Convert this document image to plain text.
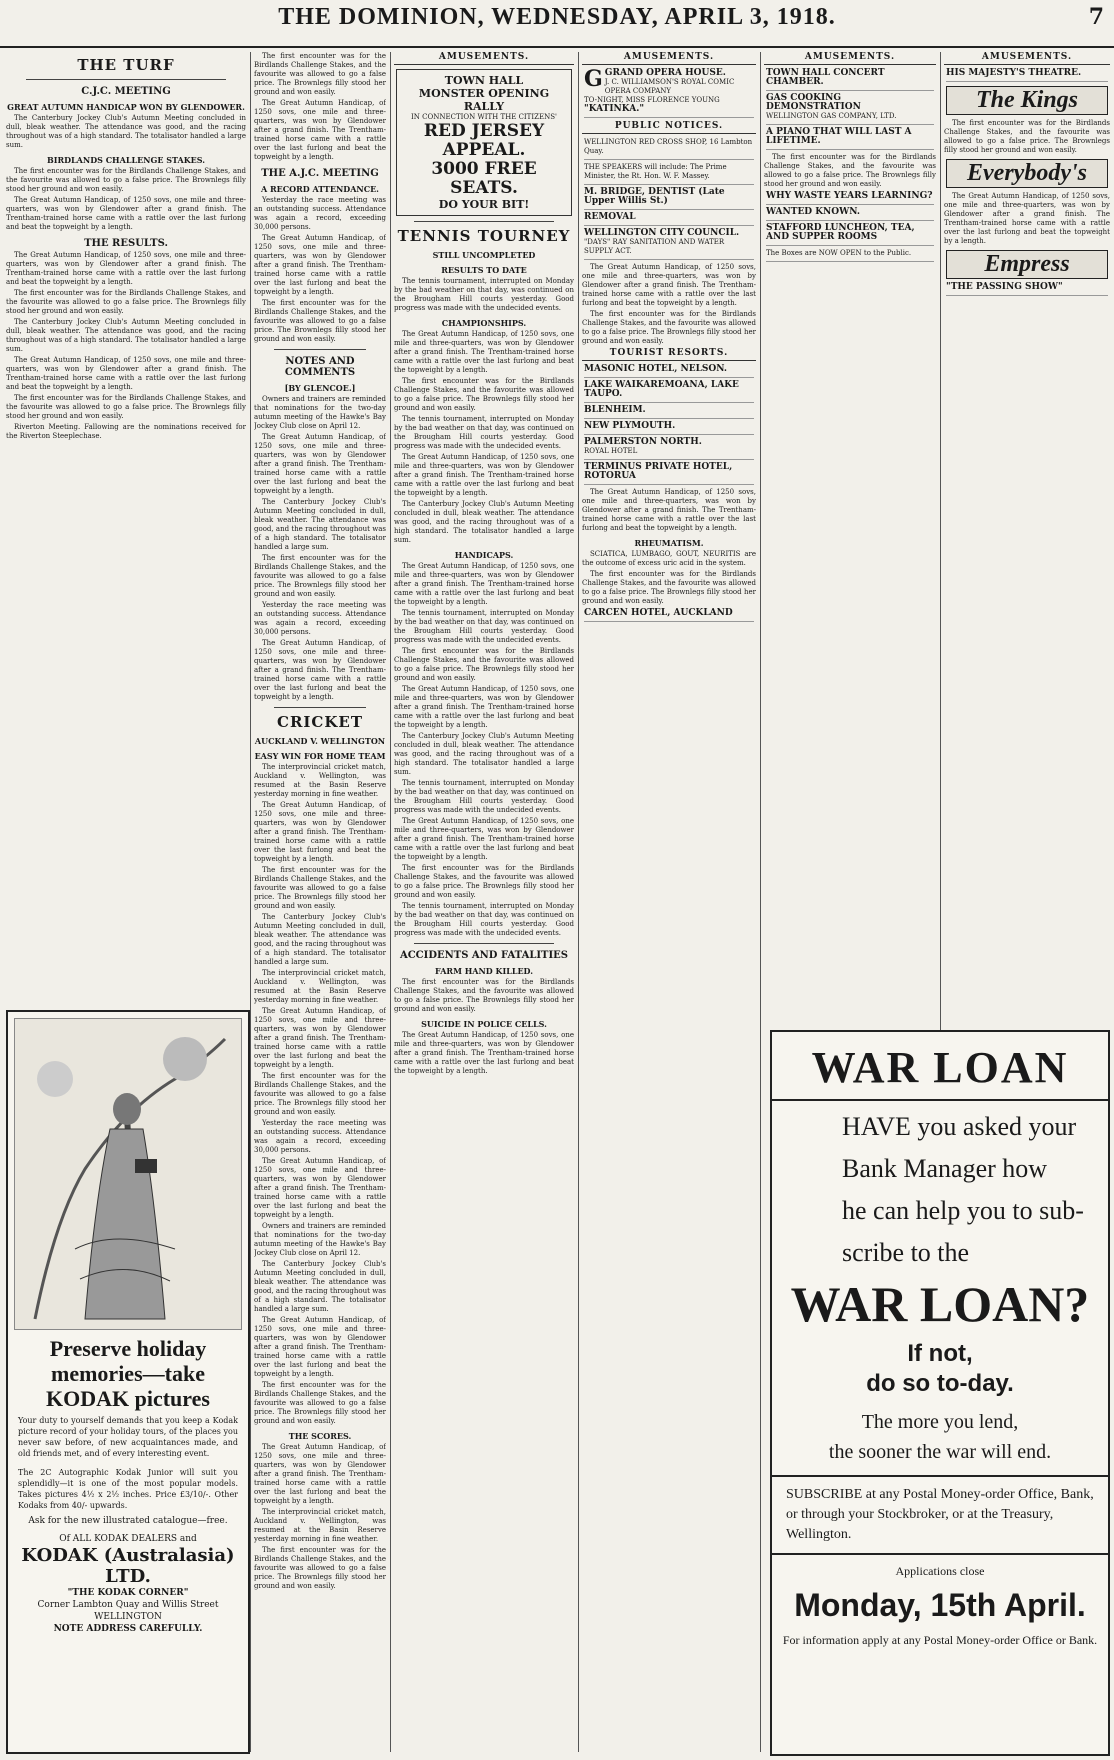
THE DOMINION, WEDNESDAY, APRIL 3, 1918.	7
THE TURF
C.J.C. MEETING
GREAT AUTUMN HANDICAP WON BY GLENDOWER.

The Canterbury Jockey Club's Autumn Meeting concluded in dull, bleak weather. The attendance was good, and the racing throughout was of a high standard. The totalisator handled a large sum.

BIRDLANDS CHALLENGE STAKES.

The first encounter was for the Birdlands Challenge Stakes, and the favourite was allowed to go a false price. The Brownlegs filly stood her ground and won easily.

The Great Autumn Handicap, of 1250 sovs, one mile and three-quarters, was won by Glendower after a grand finish. The Trentham-trained horse came with a rattle over the last furlong and beat the topweight by a length.

THE RESULTS.

The Great Autumn Handicap, of 1250 sovs, one mile and three-quarters, was won by Glendower after a grand finish. The Trentham-trained horse came with a rattle over the last furlong and beat the topweight by a length.

The first encounter was for the Birdlands Challenge Stakes, and the favourite was allowed to go a false price. The Brownlegs filly stood her ground and won easily.

The Canterbury Jockey Club's Autumn Meeting concluded in dull, bleak weather. The attendance was good, and the racing throughout was of a high standard. The totalisator handled a large sum.

The Great Autumn Handicap, of 1250 sovs, one mile and three-quarters, was won by Glendower after a grand finish. The Trentham-trained horse came with a rattle over the last furlong and beat the topweight by a length.

The first encounter was for the Birdlands Challenge Stakes, and the favourite was allowed to go a false price. The Brownlegs filly stood her ground and won easily.

Riverton Meeting. Fallowing are the nominations received for the Riverton Steeplechase.

Preserve holiday memories—take KODAK pictures
Your duty to yourself demands that you keep a Kodak picture record of your holiday tours, of the places you never saw before, of new acquaintances made, and old friends met, and of every interesting event.
The 2C Autographic Kodak Junior will suit you splendidly—it is one of the most popular models. Takes pictures 4½ x 2½ inches. Price £3/10/-. Other Kodaks from 40/- upwards.
Ask for the new illustrated catalogue—free.
Of ALL KODAK DEALERS and
KODAK (Australasia) LTD.
"THE KODAK CORNER"
Corner Lambton Quay and Willis Street
WELLINGTON
NOTE ADDRESS CAREFULLY.

The first encounter was for the Birdlands Challenge Stakes, and the favourite was allowed to go a false price. The Brownlegs filly stood her ground and won easily.

The Great Autumn Handicap, of 1250 sovs, one mile and three-quarters, was won by Glendower after a grand finish. The Trentham-trained horse came with a rattle over the last furlong and beat the topweight by a length.

THE A.J.C. MEETING
A RECORD ATTENDANCE.

Yesterday the race meeting was an outstanding success. Attendance was again a record, exceeding 30,000 persons.

The Great Autumn Handicap, of 1250 sovs, one mile and three-quarters, was won by Glendower after a grand finish. The Trentham-trained horse came with a rattle over the last furlong and beat the topweight by a length.

The first encounter was for the Birdlands Challenge Stakes, and the favourite was allowed to go a false price. The Brownlegs filly stood her ground and won easily.

NOTES AND COMMENTS
[BY GLENCOE.]

Owners and trainers are reminded that nominations for the two-day autumn meeting of the Hawke's Bay Jockey Club close on April 12.

The Great Autumn Handicap, of 1250 sovs, one mile and three-quarters, was won by Glendower after a grand finish. The Trentham-trained horse came with a rattle over the last furlong and beat the topweight by a length.

The Canterbury Jockey Club's Autumn Meeting concluded in dull, bleak weather. The attendance was good, and the racing throughout was of a high standard. The totalisator handled a large sum.

The first encounter was for the Birdlands Challenge Stakes, and the favourite was allowed to go a false price. The Brownlegs filly stood her ground and won easily.

Yesterday the race meeting was an outstanding success. Attendance was again a record, exceeding 30,000 persons.

The Great Autumn Handicap, of 1250 sovs, one mile and three-quarters, was won by Glendower after a grand finish. The Trentham-trained horse came with a rattle over the last furlong and beat the topweight by a length.

CRICKET
AUCKLAND V. WELLINGTON
EASY WIN FOR HOME TEAM

The interprovincial cricket match, Auckland v. Wellington, was resumed at the Basin Reserve yesterday morning in fine weather.

The Great Autumn Handicap, of 1250 sovs, one mile and three-quarters, was won by Glendower after a grand finish. The Trentham-trained horse came with a rattle over the last furlong and beat the topweight by a length.

The first encounter was for the Birdlands Challenge Stakes, and the favourite was allowed to go a false price. The Brownlegs filly stood her ground and won easily.

The Canterbury Jockey Club's Autumn Meeting concluded in dull, bleak weather. The attendance was good, and the racing throughout was of a high standard. The totalisator handled a large sum.

The interprovincial cricket match, Auckland v. Wellington, was resumed at the Basin Reserve yesterday morning in fine weather.

The Great Autumn Handicap, of 1250 sovs, one mile and three-quarters, was won by Glendower after a grand finish. The Trentham-trained horse came with a rattle over the last furlong and beat the topweight by a length.

The first encounter was for the Birdlands Challenge Stakes, and the favourite was allowed to go a false price. The Brownlegs filly stood her ground and won easily.

Yesterday the race meeting was an outstanding success. Attendance was again a record, exceeding 30,000 persons.

The Great Autumn Handicap, of 1250 sovs, one mile and three-quarters, was won by Glendower after a grand finish. The Trentham-trained horse came with a rattle over the last furlong and beat the topweight by a length.

Owners and trainers are reminded that nominations for the two-day autumn meeting of the Hawke's Bay Jockey Club close on April 12.

The Canterbury Jockey Club's Autumn Meeting concluded in dull, bleak weather. The attendance was good, and the racing throughout was of a high standard. The totalisator handled a large sum.

The Great Autumn Handicap, of 1250 sovs, one mile and three-quarters, was won by Glendower after a grand finish. The Trentham-trained horse came with a rattle over the last furlong and beat the topweight by a length.

The first encounter was for the Birdlands Challenge Stakes, and the favourite was allowed to go a false price. The Brownlegs filly stood her ground and won easily.

THE SCORES.

The Great Autumn Handicap, of 1250 sovs, one mile and three-quarters, was won by Glendower after a grand finish. The Trentham-trained horse came with a rattle over the last furlong and beat the topweight by a length.

The interprovincial cricket match, Auckland v. Wellington, was resumed at the Basin Reserve yesterday morning in fine weather.

The first encounter was for the Birdlands Challenge Stakes, and the favourite was allowed to go a false price. The Brownlegs filly stood her ground and won easily.

AMUSEMENTS.
TOWN HALL
MONSTER OPENING RALLY
IN CONNECTION WITH THE CITIZENS'
RED JERSEY APPEAL.
3000 FREE SEATS.
DO YOUR BIT!
TENNIS TOURNEY
STILL UNCOMPLETED
RESULTS TO DATE

The tennis tournament, interrupted on Monday by the bad weather on that day, was continued on the Brougham Hill courts yesterday. Good progress was made with the undecided events.

CHAMPIONSHIPS.

The Great Autumn Handicap, of 1250 sovs, one mile and three-quarters, was won by Glendower after a grand finish. The Trentham-trained horse came with a rattle over the last furlong and beat the topweight by a length.

The first encounter was for the Birdlands Challenge Stakes, and the favourite was allowed to go a false price. The Brownlegs filly stood her ground and won easily.

The tennis tournament, interrupted on Monday by the bad weather on that day, was continued on the Brougham Hill courts yesterday. Good progress was made with the undecided events.

The Great Autumn Handicap, of 1250 sovs, one mile and three-quarters, was won by Glendower after a grand finish. The Trentham-trained horse came with a rattle over the last furlong and beat the topweight by a length.

The Canterbury Jockey Club's Autumn Meeting concluded in dull, bleak weather. The attendance was good, and the racing throughout was of a high standard. The totalisator handled a large sum.

HANDICAPS.

The Great Autumn Handicap, of 1250 sovs, one mile and three-quarters, was won by Glendower after a grand finish. The Trentham-trained horse came with a rattle over the last furlong and beat the topweight by a length.

The tennis tournament, interrupted on Monday by the bad weather on that day, was continued on the Brougham Hill courts yesterday. Good progress was made with the undecided events.

The first encounter was for the Birdlands Challenge Stakes, and the favourite was allowed to go a false price. The Brownlegs filly stood her ground and won easily.

The Great Autumn Handicap, of 1250 sovs, one mile and three-quarters, was won by Glendower after a grand finish. The Trentham-trained horse came with a rattle over the last furlong and beat the topweight by a length.

The Canterbury Jockey Club's Autumn Meeting concluded in dull, bleak weather. The attendance was good, and the racing throughout was of a high standard. The totalisator handled a large sum.

The tennis tournament, interrupted on Monday by the bad weather on that day, was continued on the Brougham Hill courts yesterday. Good progress was made with the undecided events.

The Great Autumn Handicap, of 1250 sovs, one mile and three-quarters, was won by Glendower after a grand finish. The Trentham-trained horse came with a rattle over the last furlong and beat the topweight by a length.

The first encounter was for the Birdlands Challenge Stakes, and the favourite was allowed to go a false price. The Brownlegs filly stood her ground and won easily.

The tennis tournament, interrupted on Monday by the bad weather on that day, was continued on the Brougham Hill courts yesterday. Good progress was made with the undecided events.

ACCIDENTS AND FATALITIES
FARM HAND KILLED.

The first encounter was for the Birdlands Challenge Stakes, and the favourite was allowed to go a false price. The Brownlegs filly stood her ground and won easily.

SUICIDE IN POLICE CELLS.

The Great Autumn Handicap, of 1250 sovs, one mile and three-quarters, was won by Glendower after a grand finish. The Trentham-trained horse came with a rattle over the last furlong and beat the topweight by a length.

AMUSEMENTS.
GGRAND OPERA HOUSE.
J. C. WILLIAMSON'S ROYAL COMIC OPERA COMPANY
TO-NIGHT, MISS FLORENCE YOUNG
"KATINKA."
PUBLIC NOTICES.
WELLINGTON RED CROSS SHOP, 16 Lambton Quay.
THE SPEAKERS will include: The Prime Minister, the Rt. Hon. W. F. Massey.
M. BRIDGE, DENTIST (Late Upper Willis St.)
REMOVAL
WELLINGTON CITY COUNCIL.
"DAYS" RAY SANITATION AND WATER SUPPLY ACT.

The Great Autumn Handicap, of 1250 sovs, one mile and three-quarters, was won by Glendower after a grand finish. The Trentham-trained horse came with a rattle over the last furlong and beat the topweight by a length.

The first encounter was for the Birdlands Challenge Stakes, and the favourite was allowed to go a false price. The Brownlegs filly stood her ground and won easily.

TOURIST RESORTS.
MASONIC HOTEL, NELSON.
LAKE WAIKAREMOANA, LAKE TAUPO.
BLENHEIM.
NEW PLYMOUTH.
PALMERSTON NORTH.
ROYAL HOTEL
TERMINUS PRIVATE HOTEL, ROTORUA

The Great Autumn Handicap, of 1250 sovs, one mile and three-quarters, was won by Glendower after a grand finish. The Trentham-trained horse came with a rattle over the last furlong and beat the topweight by a length.

RHEUMATISM.

SCIATICA, LUMBAGO, GOUT, NEURITIS are the outcome of excess uric acid in the system.

The first encounter was for the Birdlands Challenge Stakes, and the favourite was allowed to go a false price. The Brownlegs filly stood her ground and won easily.

CARCEN HOTEL, AUCKLAND
AMUSEMENTS.
TOWN HALL CONCERT CHAMBER.
GAS COOKING DEMONSTRATION
WELLINGTON GAS COMPANY, LTD.
A PIANO THAT WILL LAST A LIFETIME.

The first encounter was for the Birdlands Challenge Stakes, and the favourite was allowed to go a false price. The Brownlegs filly stood her ground and won easily.

WHY WASTE YEARS LEARNING?
WANTED KNOWN.
STAFFORD LUNCHEON, TEA, AND SUPPER ROOMS
The Boxes are NOW OPEN to the Public.
AMUSEMENTS.
HIS MAJESTY'S THEATRE.
The Kings

The first encounter was for the Birdlands Challenge Stakes, and the favourite was allowed to go a false price. The Brownlegs filly stood her ground and won easily.

Everybody's

The Great Autumn Handicap, of 1250 sovs, one mile and three-quarters, was won by Glendower after a grand finish. The Trentham-trained horse came with a rattle over the last furlong and beat the topweight by a length.

Empress
"THE PASSING SHOW"
WAR LOAN
HAVE you asked your
Bank Manager how
he can help you to sub-
scribe to the
WAR LOAN?
If not,
do so to-day.
The more you lend,
the sooner the war will end.
SUBSCRIBE at any Postal Money-order Office, Bank, or through your Stockbroker, or at the Treasury, Wellington.
Applications close
Monday, 15th April.
For information apply at any Postal Money-order Office or Bank.
